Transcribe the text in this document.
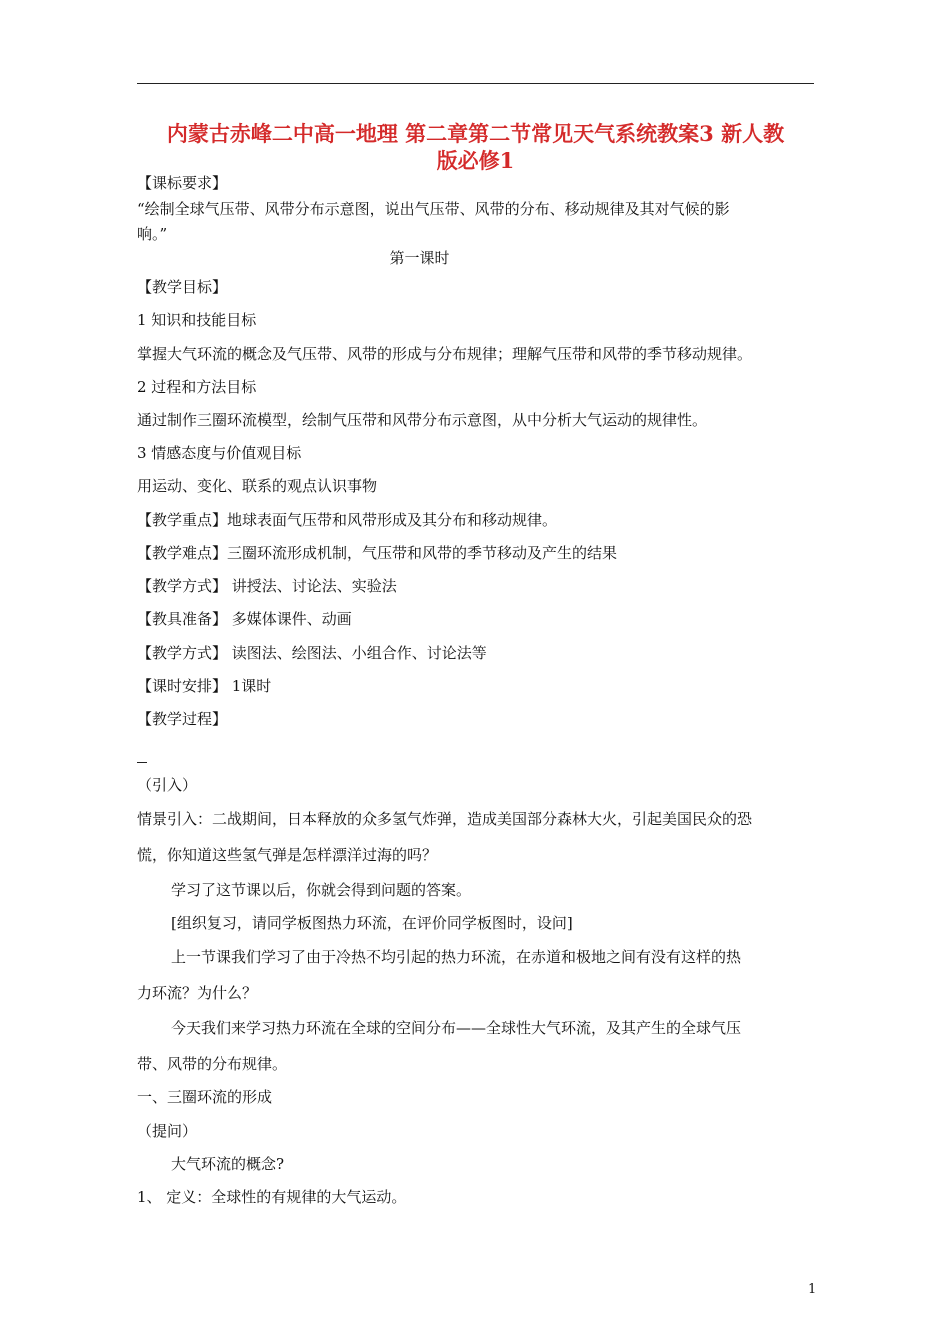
内蒙古赤峰二中高一地理 第二章第二节常见天气系统教案3 新人教
版必修1
【课标要求】
“绘制全球气压带、风带分布示意图，说出气压带、风带的分布、移动规律及其对气候的影
响。”
第一课时
【教学目标】
1 知识和技能目标
掌握大气环流的概念及气压带、风带的形成与分布规律；理解气压带和风带的季节移动规律。
2 过程和方法目标
通过制作三圈环流模型，绘制气压带和风带分布示意图，从中分析大气运动的规律性。
3 情感态度与价值观目标
用运动、变化、联系的观点认识事物
【教学重点】地球表面气压带和风带形成及其分布和移动规律。
【教学难点】三圈环流形成机制，气压带和风带的季节移动及产生的结果
【教学方式】 讲授法、讨论法、实验法
【教具准备】 多媒体课件、动画
【教学方式】 读图法、绘图法、小组合作、讨论法等
【课时安排】 1课时
【教学过程】
（引入）
情景引入：二战期间，日本释放的众多氢气炸弹，造成美国部分森林大火，引起美国民众的恐
慌，你知道这些氢气弹是怎样漂洋过海的吗？
学习了这节课以后，你就会得到问题的答案。
[组织复习，请同学板图热力环流，在评价同学板图时，设问]
上一节课我们学习了由于冷热不均引起的热力环流，在赤道和极地之间有没有这样的热
力环流？为什么？
今天我们来学习热力环流在全球的空间分布——全球性大气环流，及其产生的全球气压
带、风带的分布规律。
一、三圈环流的形成
（提问）
大气环流的概念?
1、 定义：全球性的有规律的大气运动。
1
